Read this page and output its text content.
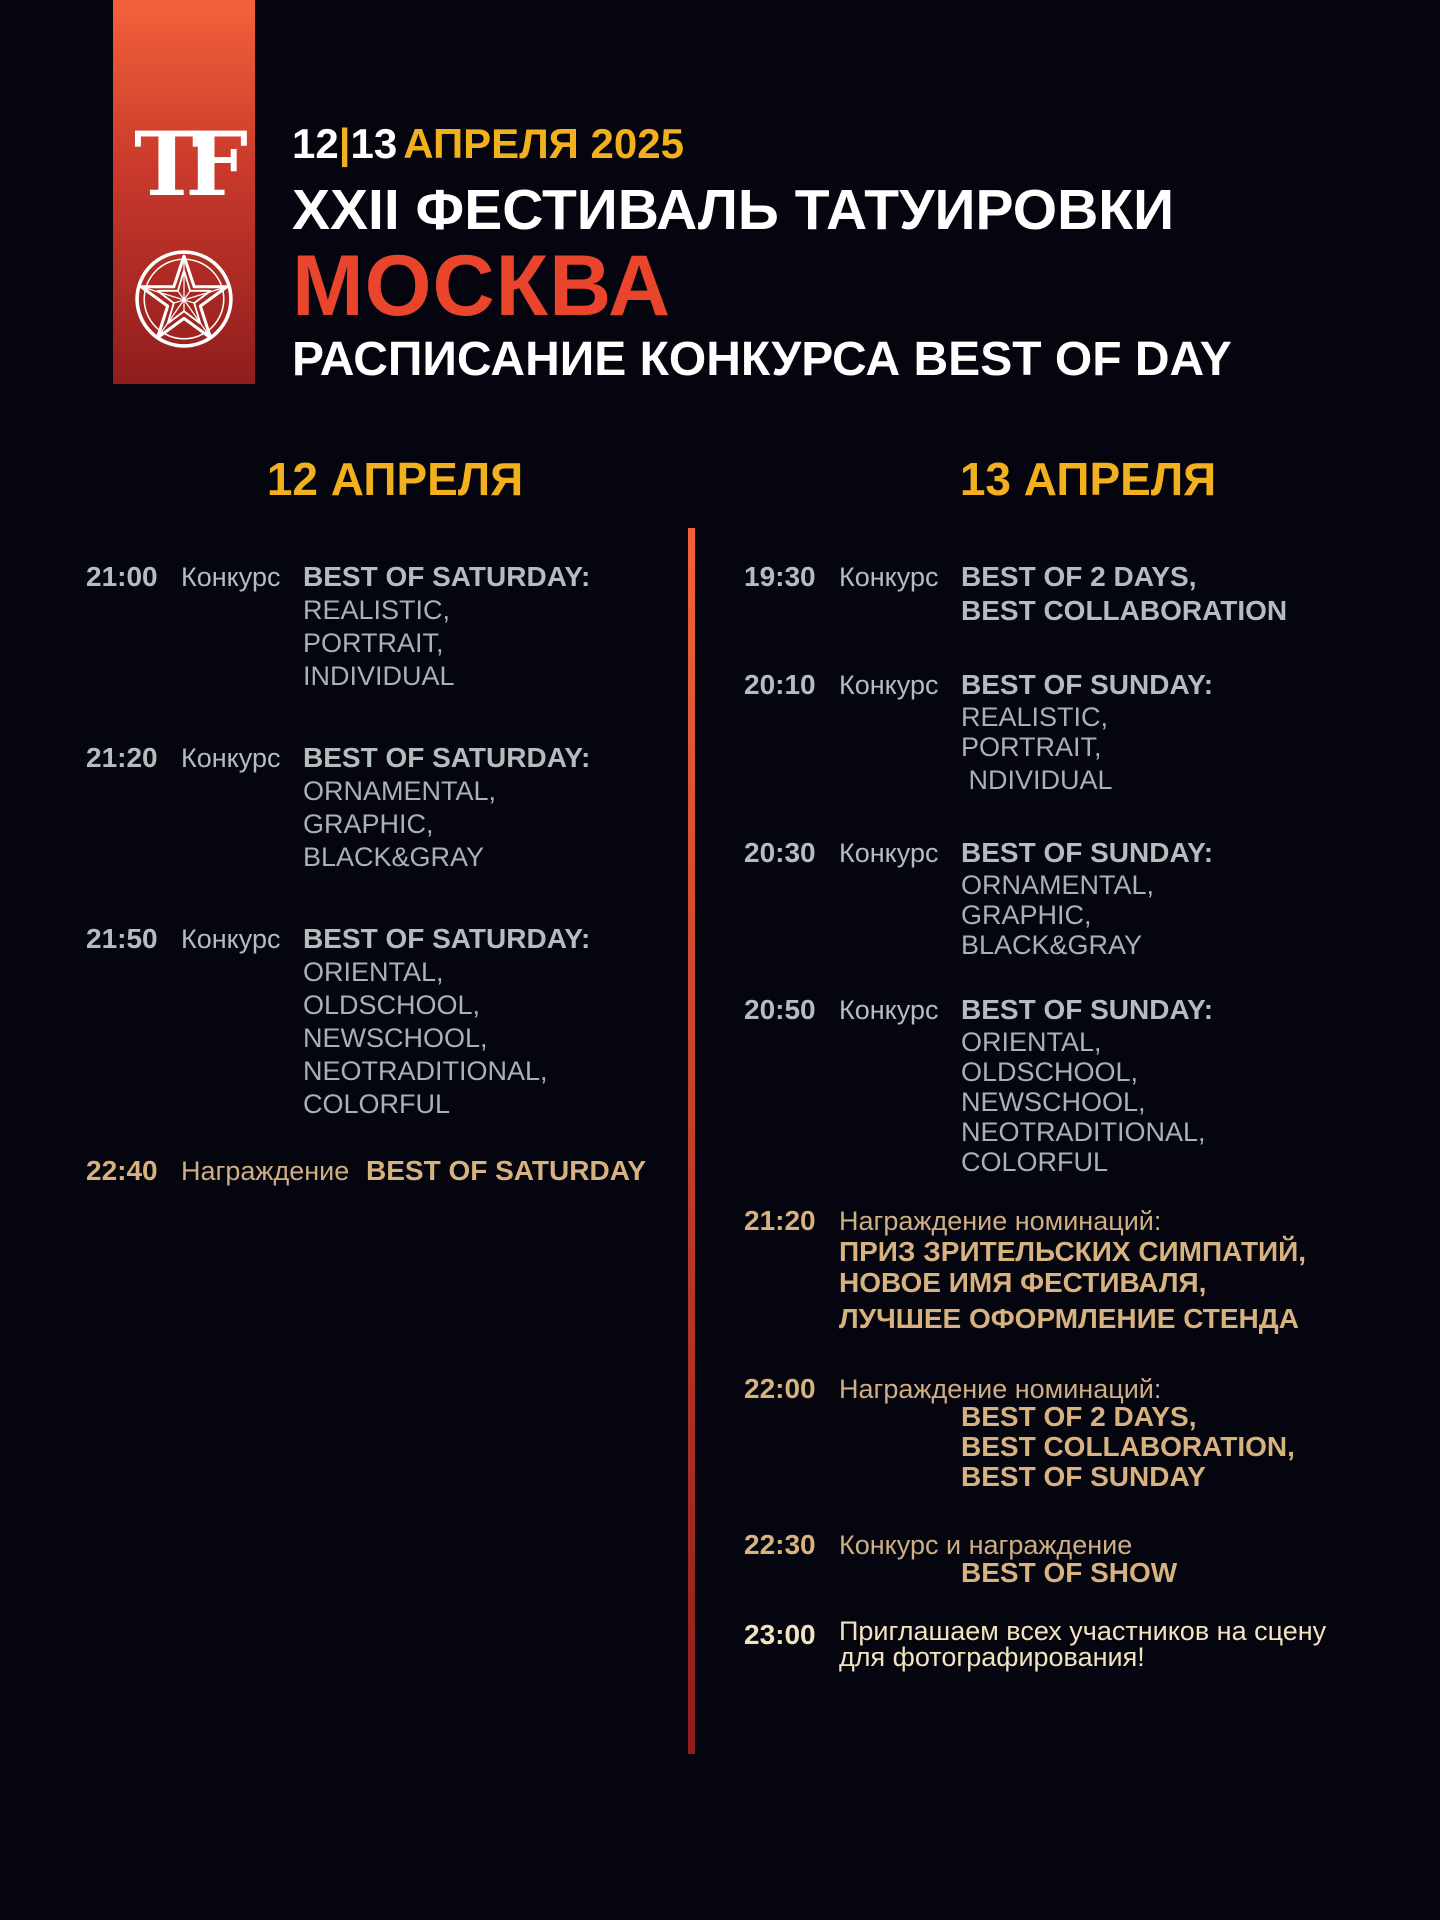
TF	12|13 АПРЕЛЯ 2025
XXII ФЕСТИВАЛЬ ТАТУИРОВКИ
МОСКВА
РАСПИСАНИЕ КОНКУРСА BEST OF DAY
12 АПРЕЛЯ	13 АПРЕЛЯ
21:00 Конкурс BEST OF SATURDAY:
REALISTIC,
PORTRAIT,
INDIVIDUAL
21:20 Конкурс BEST OF SATURDAY:
ORNAMENTAL,
GRAPHIC,
BLACK&GRAY
21:50 Конкурс BEST OF SATURDAY:
ORIENTAL,
OLDSCHOOL,
NEWSCHOOL,
NEOTRADITIONAL,
COLORFUL
22:40 Награждение BEST OF SATURDAY
19:30 Конкурс BEST OF 2 DAYS,
BEST COLLABORATION
20:10 Конкурс BEST OF SUNDAY:
REALISTIC,
PORTRAIT,
NDIVIDUAL
20:30 Конкурс BEST OF SUNDAY:
ORNAMENTAL,
GRAPHIC,
BLACK&GRAY
20:50 Конкурс BEST OF SUNDAY:
ORIENTAL,
OLDSCHOOL,
NEWSCHOOL,
NEOTRADITIONAL,
COLORFUL
21:20 Награждение номинаций:
ПРИЗ ЗРИТЕЛЬСКИХ СИМПАТИЙ,
НОВОЕ ИМЯ ФЕСТИВАЛЯ,
ЛУЧШЕЕ ОФОРМЛЕНИЕ СТЕНДА
22:00 Награждение номинаций:
BEST OF 2 DAYS,
BEST COLLABORATION,
BEST OF SUNDAY
22:30 Конкурс и награждение
BEST OF SHOW
23:00 Приглашаем всех участников на сцену
для фотографирования!
